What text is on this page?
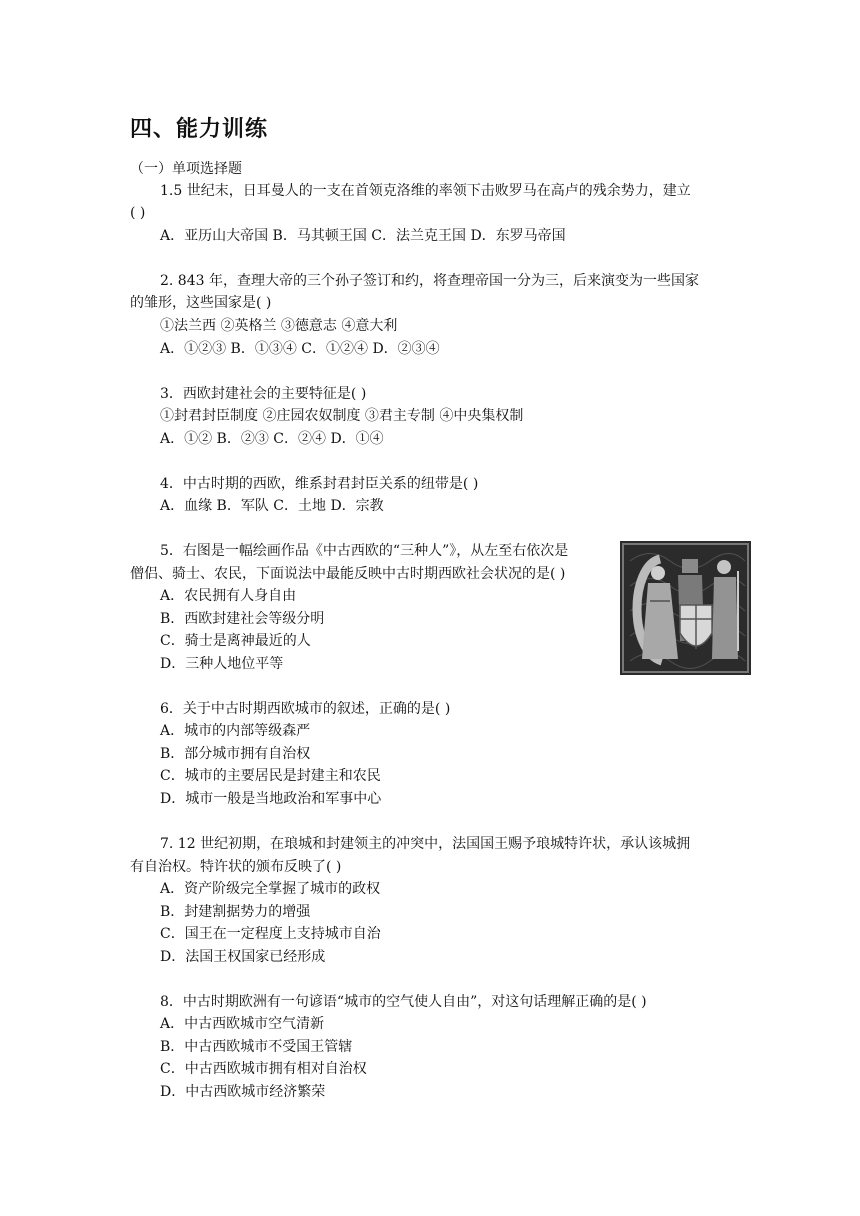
四、能力训练
（一）单项选择题
1.5 世纪末，日耳曼人的一支在首领克洛维的率领下击败罗马在高卢的残余势力，建立
( )
A．亚历山大帝国 B．马其顿王国 C．法兰克王国 D．东罗马帝国
2. 843 年，查理大帝的三个孙子签订和约，将查理帝国一分为三，后来演变为一些国家
的雏形，这些国家是( )
①法兰西 ②英格兰 ③德意志 ④意大利
A．①②③ B．①③④ C．①②④ D．②③④
3．西欧封建社会的主要特征是( )
①封君封臣制度 ②庄园农奴制度 ③君主专制 ④中央集权制
A．①② B．②③ C．②④ D．①④
4．中古时期的西欧，维系封君封臣关系的纽带是( )
A．血缘 B．军队 C．土地 D．宗教
5．右图是一幅绘画作品《中古西欧的“三种人”》，从左至右依次是
僧侣、骑士、农民，下面说法中最能反映中古时期西欧社会状况的是( )
A．农民拥有人身自由
B．西欧封建社会等级分明
C．骑士是离神最近的人
D．三种人地位平等
6．关于中古时期西欧城市的叙述，正确的是( )
A．城市的内部等级森严
B．部分城市拥有自治权
C．城市的主要居民是封建主和农民
D．城市一般是当地政治和军事中心
7. 12 世纪初期，在琅城和封建领主的冲突中，法国国王赐予琅城特许状，承认该城拥
有自治权。特许状的颁布反映了( )
A．资产阶级完全掌握了城市的政权
B．封建割据势力的增强
C．国王在一定程度上支持城市自治
D．法国王权国家已经形成
8．中古时期欧洲有一句谚语“城市的空气使人自由”，对这句话理解正确的是( )
A．中古西欧城市空气清新
B．中古西欧城市不受国王管辖
C．中古西欧城市拥有相对自治权
D．中古西欧城市经济繁荣
